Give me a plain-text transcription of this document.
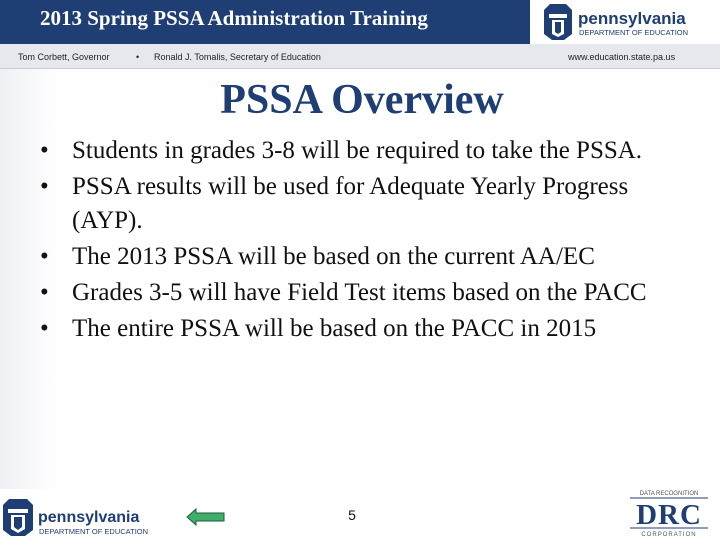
2013 Spring PSSA Administration Training	pennsylvania
DEPARTMENT OF EDUCATION
Tom Corbett, Governor	• Ronald J. Tomalis, Secretary of Education	www.education.state.pa.us
PSSA Overview
• Students in grades 3-8 will be required to take the PSSA.
• PSSA results will be used for Adequate Yearly Progress (AYP).
• The 2013 PSSA will be based on the current AA/EC
• Grades 3-5 will have Field Test items based on the PACC
• The entire PSSA will be based on the PACC in 2015
pennsylvania
DEPARTMENT OF EDUCATION
5
DATA RECOGNITION
DRC
CORPORATION
